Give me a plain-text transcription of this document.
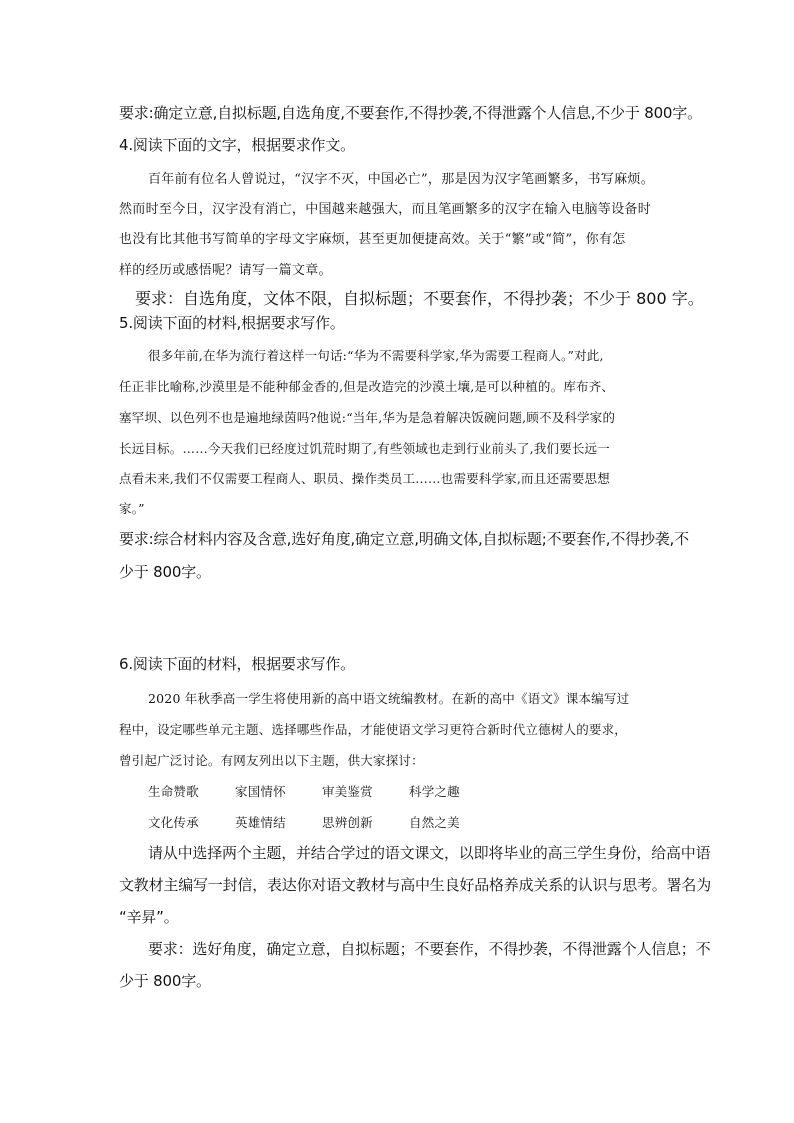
要求:确定立意,自拟标题,自选角度,不要套作,不得抄袭,不得泄露个人信息,不少于 800字。
4.阅读下面的文字，根据要求作文。
百年前有位名人曾说过，“汉字不灭，中国必亡”，那是因为汉字笔画繁多，书写麻烦。
然而时至今日，汉字没有消亡，中国越来越强大，而且笔画繁多的汉字在输入电脑等设备时
也没有比其他书写简单的字母文字麻烦，甚至更加便捷高效。关于“繁”或“简”，你有怎
样的经历或感悟呢？请写一篇文章。
要求：自选角度，文体不限，自拟标题；不要套作，不得抄袭；不少于 800 字。
5.阅读下面的材料,根据要求写作。
很多年前,在华为流行着这样一句话:“华为不需要科学家,华为需要工程商人。”对此,
任正非比喻称,沙漠里是不能种郁金香的,但是改造完的沙漠土壤,是可以种植的。库布齐、
塞罕坝、以色列不也是遍地绿茵吗?他说:“当年,华为是急着解决饭碗问题,顾不及科学家的
长远目标。……今天我们已经度过饥荒时期了,有些领域也走到行业前头了,我们要长远一
点看未来,我们不仅需要工程商人、职员、操作类员工……也需要科学家,而且还需要思想
家。”
要求:综合材料内容及含意,选好角度,确定立意,明确文体,自拟标题;不要套作,不得抄袭,不
少于 800字。
6.阅读下面的材料，根据要求写作。
2020 年秋季高一学生将使用新的高中语文统编教材。在新的高中《语文》课本编写过
程中，设定哪些单元主题、选择哪些作品，才能使语文学习更符合新时代立德树人的要求，
曾引起广泛讨论。有网友列出以下主题，供大家探讨：
生命赞歌	家国情怀	审美鉴赏	科学之趣
文化传承	英雄情结	思辨创新	自然之美
请从中选择两个主题，并结合学过的语文课文，以即将毕业的高三学生身份，给高中语
文教材主编写一封信，表达你对语文教材与高中生良好品格养成关系的认识与思考。署名为
“辛昇”。
要求：选好角度，确定立意，自拟标题；不要套作，不得抄袭，不得泄露个人信息；不
少于 800字。
